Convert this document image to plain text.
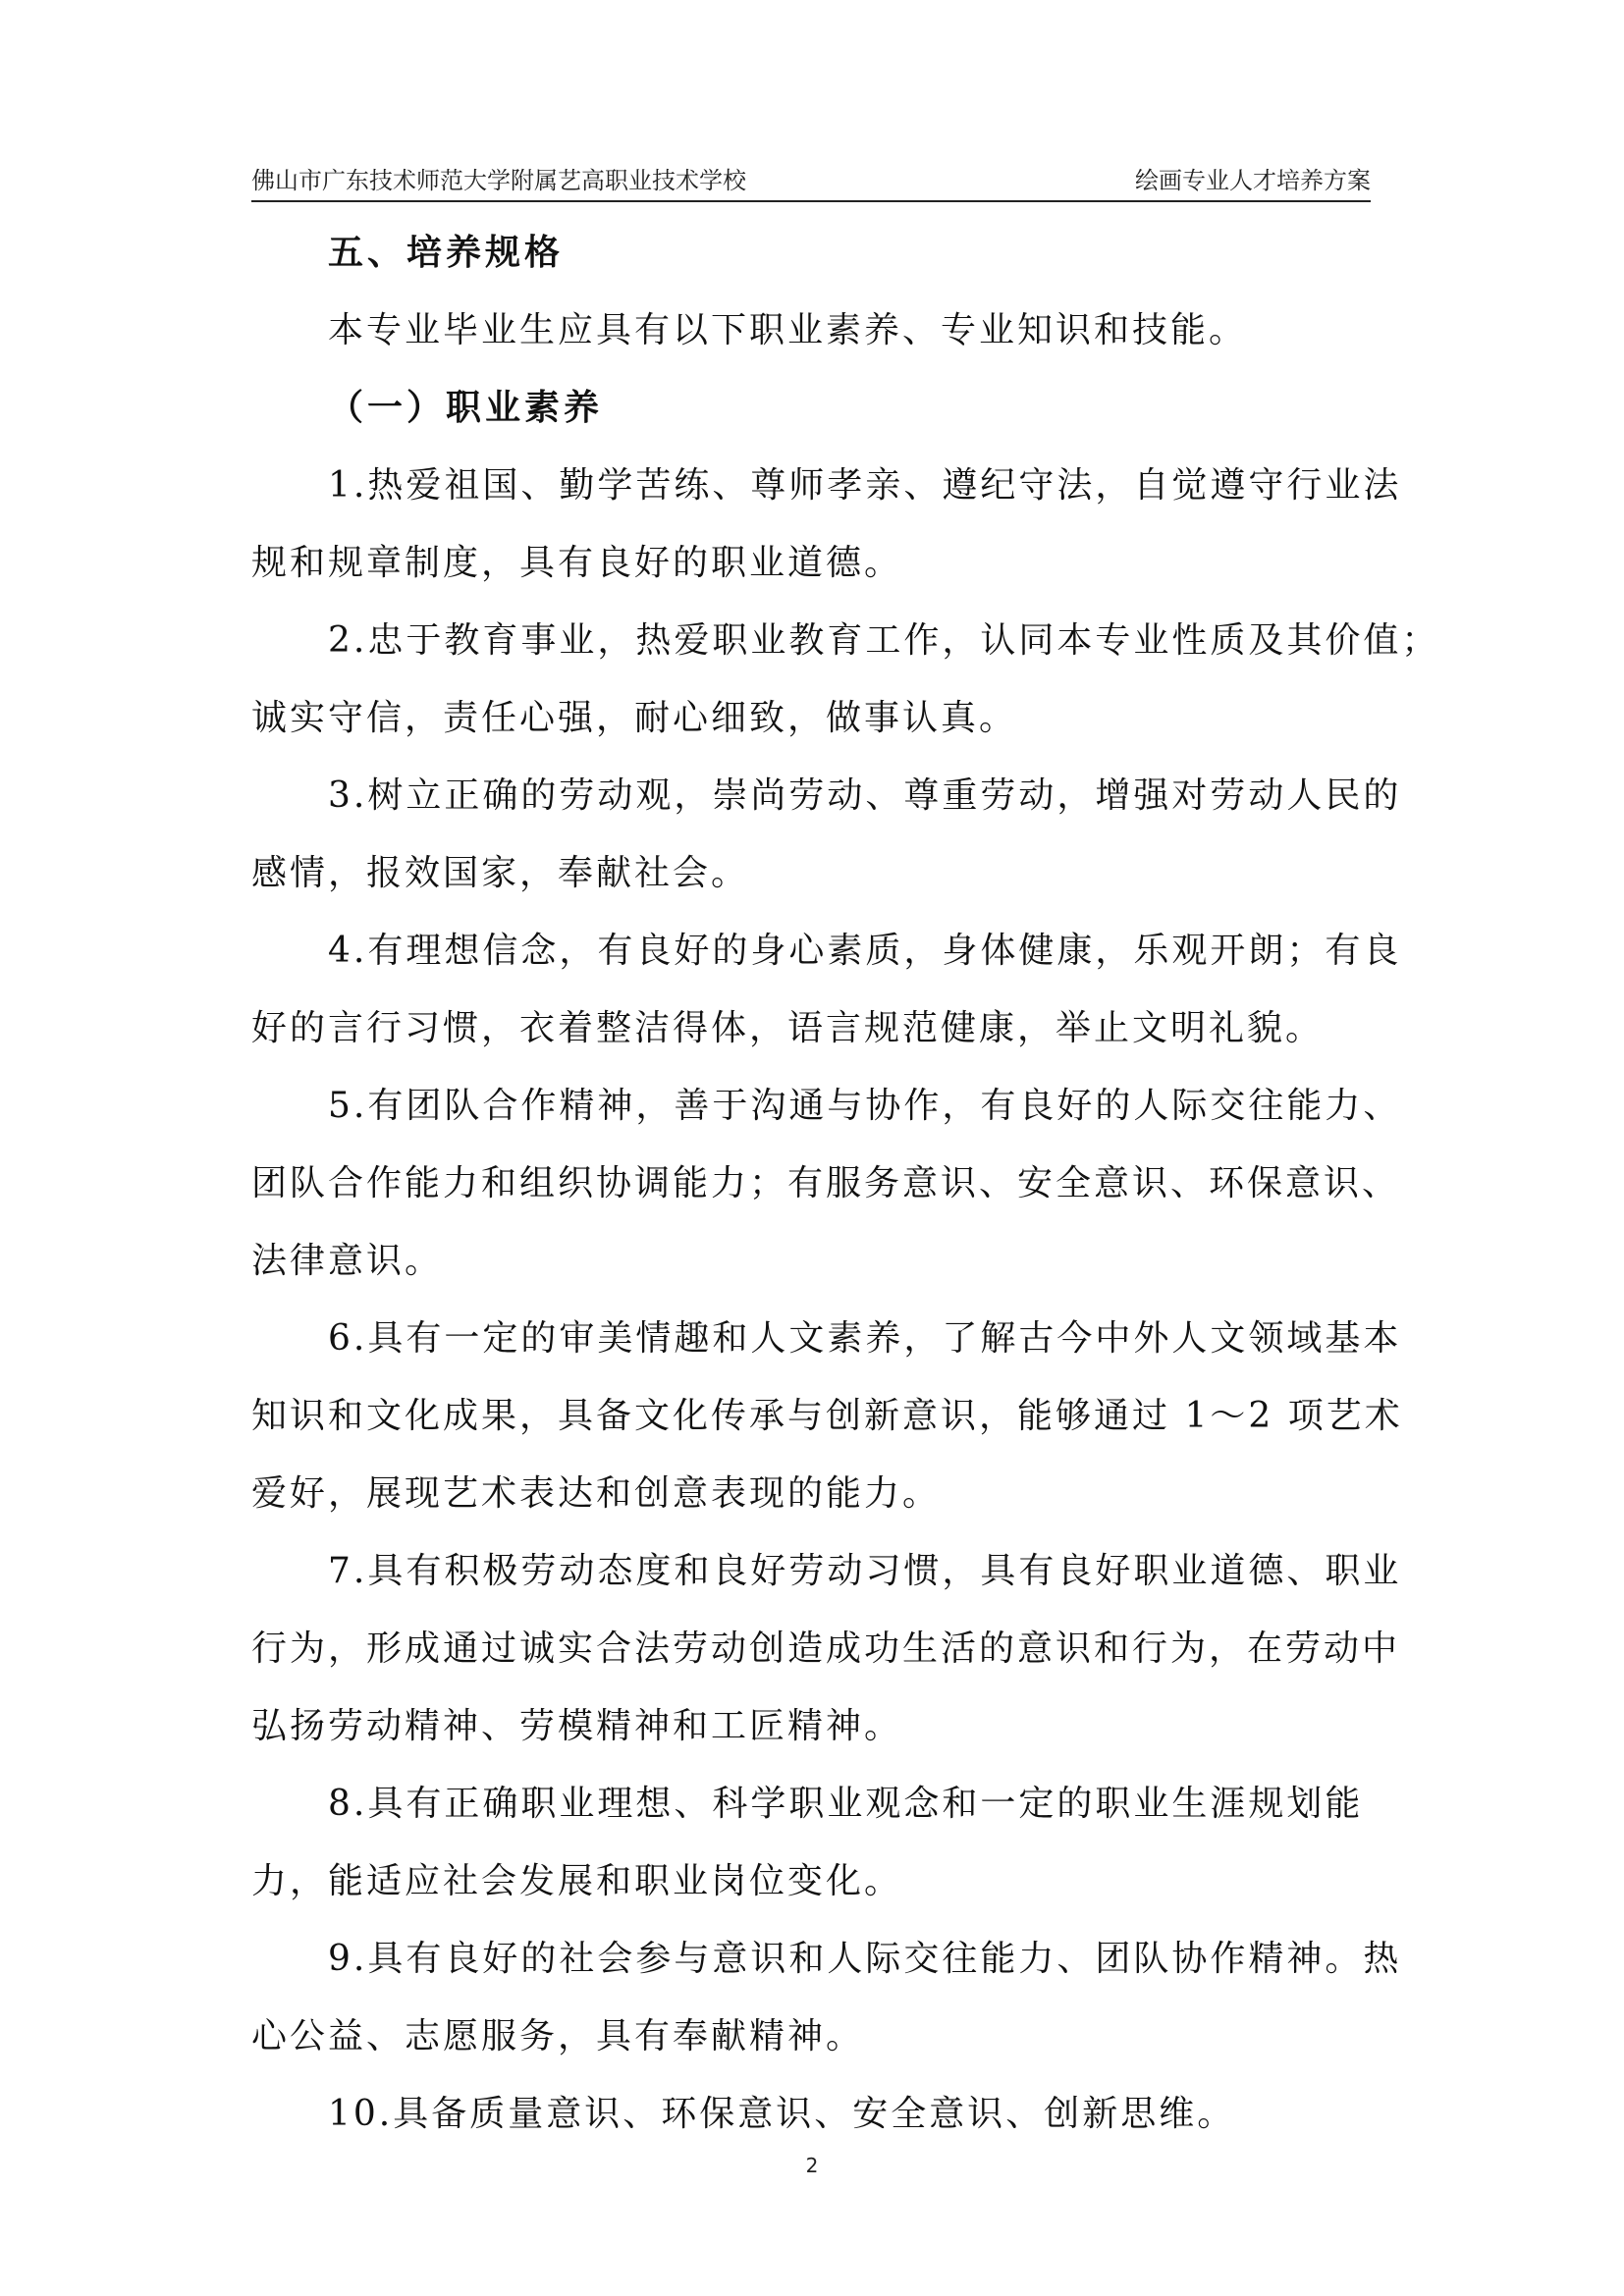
佛山市广东技术师范大学附属艺高职业技术学校	绘画专业人才培养方案
五、培养规格
本专业毕业生应具有以下职业素养、专业知识和技能。
（一）职业素养
1.热爱祖国、勤学苦练、尊师孝亲、遵纪守法，自觉遵守行业法
规和规章制度，具有良好的职业道德。
2.忠于教育事业，热爱职业教育工作，认同本专业性质及其价值；
诚实守信，责任心强，耐心细致，做事认真。
3.树立正确的劳动观，崇尚劳动、尊重劳动，增强对劳动人民的
感情，报效国家，奉献社会。
4.有理想信念，有良好的身心素质，身体健康，乐观开朗；有良
好的言行习惯，衣着整洁得体，语言规范健康，举止文明礼貌。
5.有团队合作精神，善于沟通与协作，有良好的人际交往能力、
团队合作能力和组织协调能力；有服务意识、安全意识、环保意识、
法律意识。
6.具有一定的审美情趣和人文素养，了解古今中外人文领域基本
知识和文化成果，具备文化传承与创新意识，能够通过 1～2 项艺术
爱好，展现艺术表达和创意表现的能力。
7.具有积极劳动态度和良好劳动习惯，具有良好职业道德、职业
行为，形成通过诚实合法劳动创造成功生活的意识和行为，在劳动中
弘扬劳动精神、劳模精神和工匠精神。
8.具有正确职业理想、科学职业观念和一定的职业生涯规划能
力，能适应社会发展和职业岗位变化。
9.具有良好的社会参与意识和人际交往能力、团队协作精神。热
心公益、志愿服务，具有奉献精神。
10.具备质量意识、环保意识、安全意识、创新思维。
2
